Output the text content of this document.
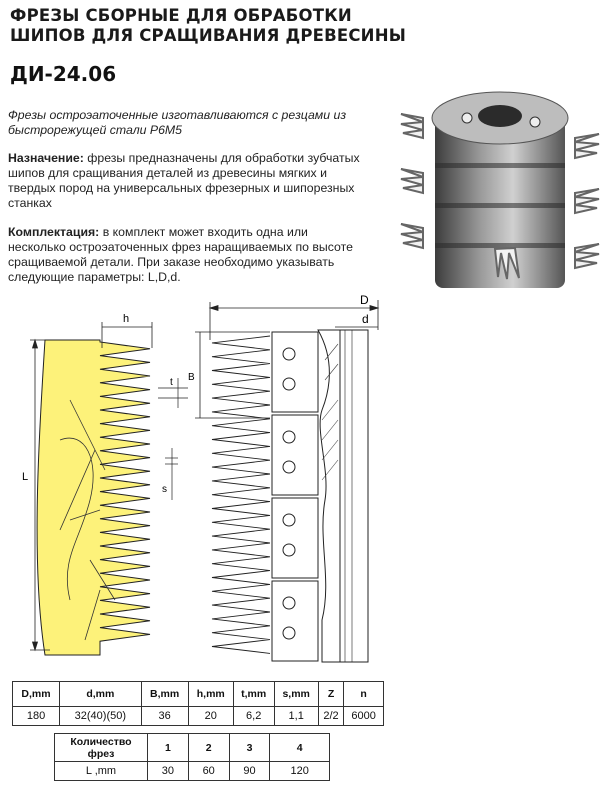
ФРЕЗЫ СБОРНЫЕ ДЛЯ ОБРАБОТКИ
ШИПОВ ДЛЯ СРАЩИВАНИЯ ДРЕВЕСИНЫ
ДИ-24.06
Фрезы остроэаточенные изготавливаются с резцами из быстрорежущей стали Р6М5
Назначение: фрезы предназначены для обработки зубчатых шипов для сращивания деталей из древесины мягких и твердых пород на универсальных фрезерных и шипорезных станках
Комплектация: в комплект может входить одна или несколько остроэаточенных фрез наращиваемых по высоте сращиваемой детали. При заказе необходимо указывать следующие параметры: L,D,d.
L
h
t
s
D
d
B
D,mm	d,mm	B,mm	h,mm	t,mm	s,mm	Z	n
180	32(40)(50)	36	20	6,2	1,1	2/2	6000
Количество
фрез	1	2	3	4
L ,mm	30	60	90	120
